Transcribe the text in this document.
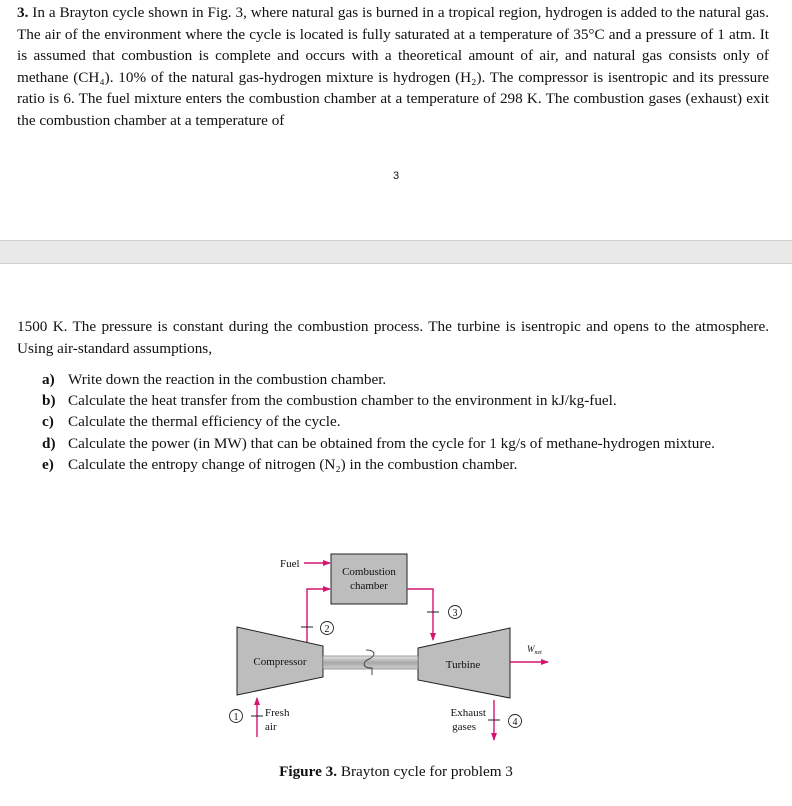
3. In a Brayton cycle shown in Fig. 3, where natural gas is burned in a tropical region, hydrogen is added to the natural gas. The air of the environment where the cycle is located is fully saturated at a temperature of 35°C and a pressure of 1 atm. It is assumed that combustion is complete and occurs with a theoretical amount of air, and natural gas consists only of methane (CH₄). 10% of the natural gas-hydrogen mixture is hydrogen (H₂). The compressor is isentropic and its pressure ratio is 6. The fuel mixture enters the combustion chamber at a temperature of 298 K. The combustion gases (exhaust) exit the combustion chamber at a temperature of
3
1500 K. The pressure is constant during the combustion process. The turbine is isentropic and opens to the atmosphere. Using air-standard assumptions,
a) Write down the reaction in the combustion chamber.
b) Calculate the heat transfer from the combustion chamber to the environment in kJ/kg-fuel.
c) Calculate the thermal efficiency of the cycle.
d) Calculate the power (in MW) that can be obtained from the cycle for 1 kg/s of methane-hydrogen mixture.
e) Calculate the entropy change of nitrogen (N₂) in the combustion chamber.
Combustion
chamber
Fuel
Compressor	Turbine
2
3
1 Fresh
air	4
Exhaust
gases
$W_{net}$
Figure 3. Brayton cycle for problem 3
